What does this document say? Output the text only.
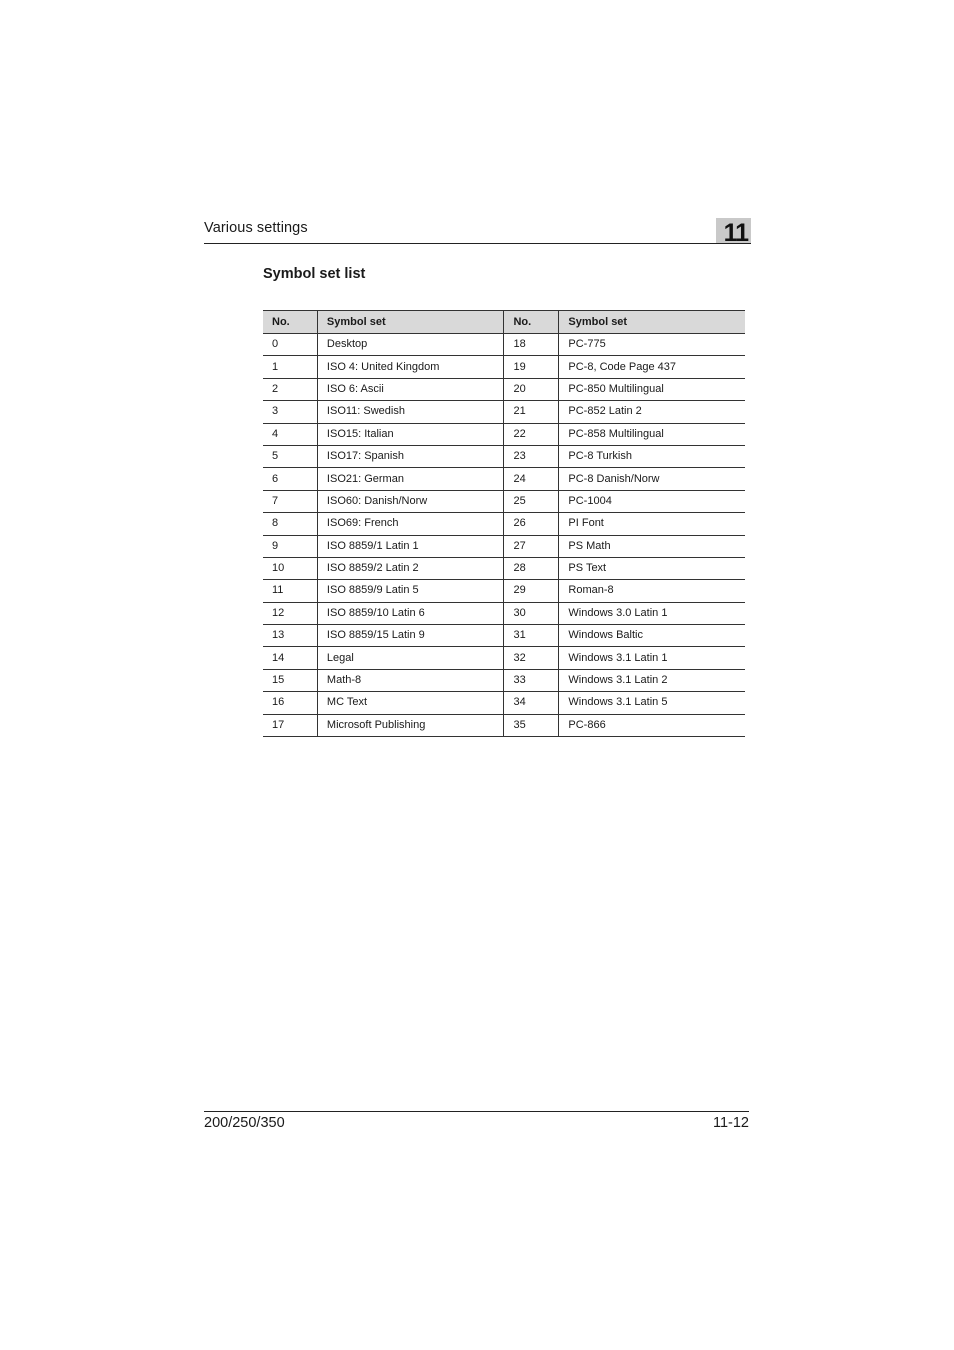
Various settings	11
Symbol set list
No.	Symbol set	No.	Symbol set
0	Desktop	18	PC-775
1	ISO 4: United Kingdom	19	PC-8, Code Page 437
2	ISO 6: Ascii	20	PC-850 Multilingual
3	ISO11: Swedish	21	PC-852 Latin 2
4	ISO15: Italian	22	PC-858 Multilingual
5	ISO17: Spanish	23	PC-8 Turkish
6	ISO21: German	24	PC-8 Danish/Norw
7	ISO60: Danish/Norw	25	PC-1004
8	ISO69: French	26	PI Font
9	ISO 8859/1 Latin 1	27	PS Math
10	ISO 8859/2 Latin 2	28	PS Text
11	ISO 8859/9 Latin 5	29	Roman-8
12	ISO 8859/10 Latin 6	30	Windows 3.0 Latin 1
13	ISO 8859/15 Latin 9	31	Windows Baltic
14	Legal	32	Windows 3.1 Latin 1
15	Math-8	33	Windows 3.1 Latin 2
16	MC Text	34	Windows 3.1 Latin 5
17	Microsoft Publishing	35	PC-866
200/250/350	11-12
